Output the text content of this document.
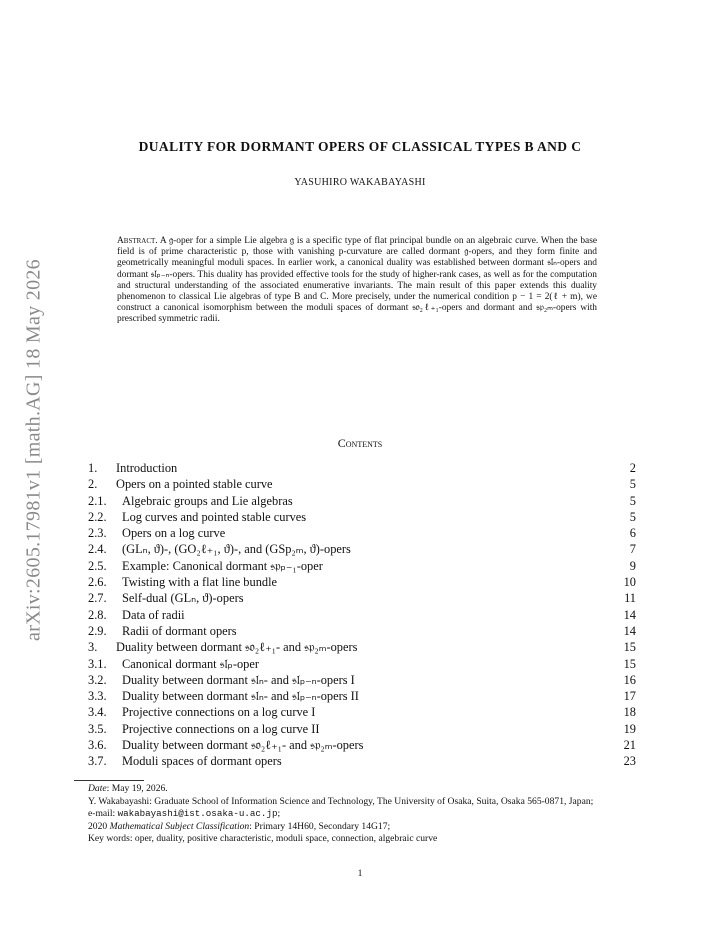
arXiv:2605.17981v1 [math.AG] 18 May 2026
DUALITY FOR DORMANT OPERS OF CLASSICAL TYPES B AND C
YASUHIRO WAKABAYASHI
Abstract. A 𝔤-oper for a simple Lie algebra 𝔤 is a specific type of flat principal bundle on an algebraic curve. When the base field is of prime characteristic p, those with vanishing p-curvature are called dormant 𝔤-opers, and they form finite and geometrically meaningful moduli spaces. In earlier work, a canonical duality was established between dormant 𝔰𝔩ₙ-opers and dormant 𝔰𝔩ₚ₋ₙ-opers. This duality has provided effective tools for the study of higher-rank cases, as well as for the computation and structural understanding of the associated enumerative invariants. The main result of this paper extends this duality phenomenon to classical Lie algebras of type B and C. More precisely, under the numerical condition p − 1 = 2(ℓ + m), we construct a canonical isomorphism between the moduli spaces of dormant 𝔰𝔬₂ℓ₊₁-opers and dormant and 𝔰𝔭₂ₘ-opers with prescribed symmetric radii.
Contents
1.	Introduction	2
2.	Opers on a pointed stable curve	5
2.1.	Algebraic groups and Lie algebras	5
2.2.	Log curves and pointed stable curves	5
2.3.	Opers on a log curve	6
2.4.	(GLₙ, ϑ)-, (GO₂ℓ₊₁, ϑ)-, and (GSp₂ₘ, ϑ)-opers	7
2.5.	Example: Canonical dormant 𝔰𝔭ₚ₋₁-oper	9
2.6.	Twisting with a flat line bundle	10
2.7.	Self-dual (GLₙ, ϑ)-opers	11
2.8.	Data of radii	14
2.9.	Radii of dormant opers	14
3.	Duality between dormant 𝔰𝔬₂ℓ₊₁- and 𝔰𝔭₂ₘ-opers	15
3.1.	Canonical dormant 𝔰𝔩ₚ-oper	15
3.2.	Duality between dormant 𝔰𝔩ₙ- and 𝔰𝔩ₚ₋ₙ-opers I	16
3.3.	Duality between dormant 𝔰𝔩ₙ- and 𝔰𝔩ₚ₋ₙ-opers II	17
3.4.	Projective connections on a log curve I	18
3.5.	Projective connections on a log curve II	19
3.6.	Duality between dormant 𝔰𝔬₂ℓ₊₁- and 𝔰𝔭₂ₘ-opers	21
3.7.	Moduli spaces of dormant opers	23
Date: May 19, 2026.
Y. Wakabayashi: Graduate School of Information Science and Technology, The University of Osaka, Suita, Osaka 565-0871, Japan;
e-mail: wakabayashi@ist.osaka-u.ac.jp;
2020 Mathematical Subject Classification: Primary 14H60, Secondary 14G17;
Key words: oper, duality, positive characteristic, moduli space, connection, algebraic curve
1
